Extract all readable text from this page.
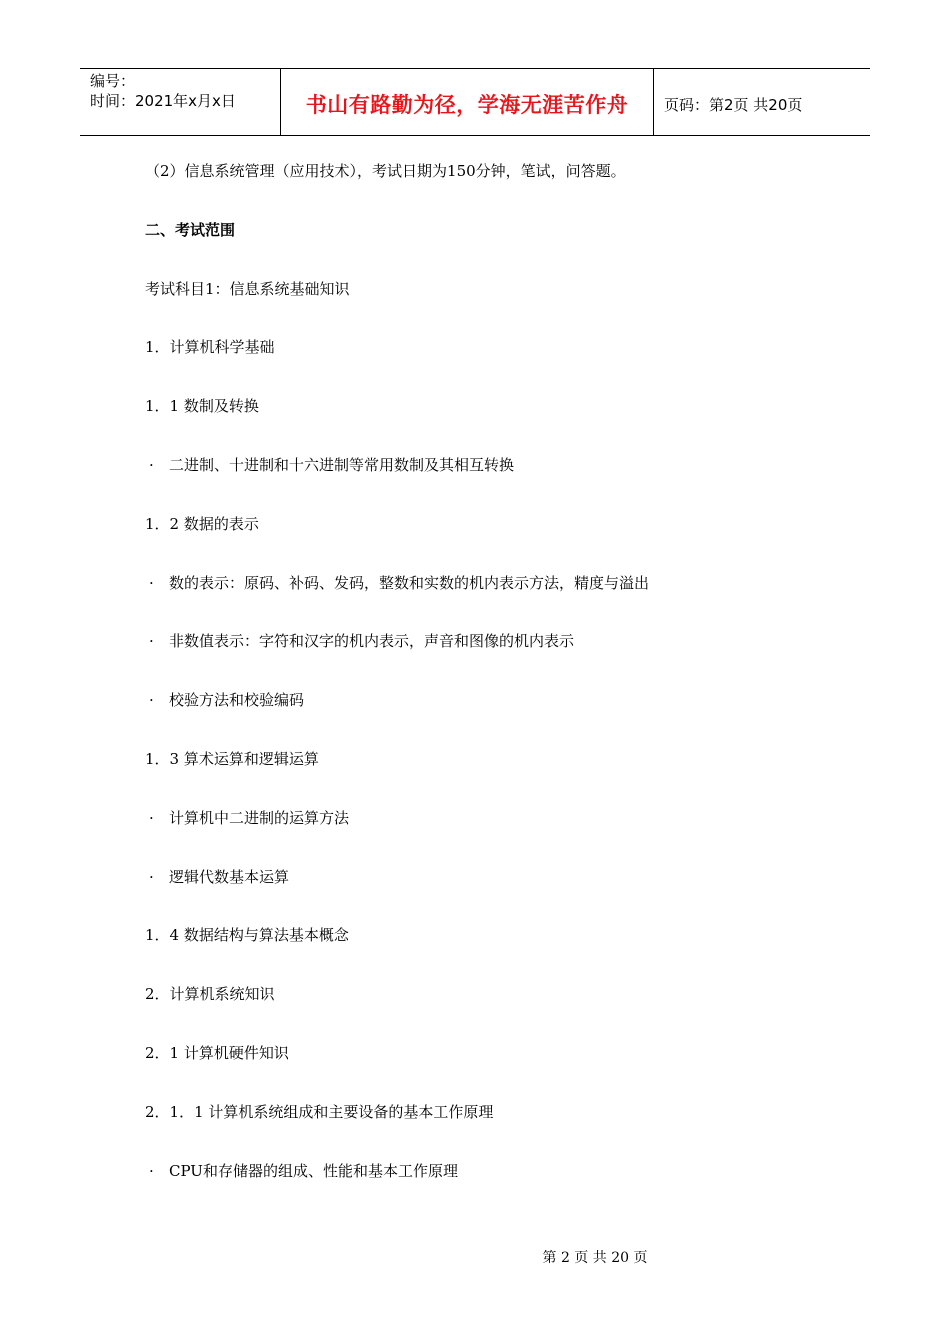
编号：
时间：2021年x月x日	书山有路勤为径，学海无涯苦作舟	页码：第2页 共20页
（2）信息系统管理（应用技术），考试日期为150分钟，笔试，问答题。
二、考试范围
考试科目1：信息系统基础知识
1．计算机科学基础
1．1 数制及转换
· 二进制、十进制和十六进制等常用数制及其相互转换
1．2 数据的表示
· 数的表示：原码、补码、发码，整数和实数的机内表示方法，精度与溢出
· 非数值表示：字符和汉字的机内表示，声音和图像的机内表示
· 校验方法和校验编码
1．3 算术运算和逻辑运算
· 计算机中二进制的运算方法
· 逻辑代数基本运算
1．4 数据结构与算法基本概念
2．计算机系统知识
2．1 计算机硬件知识
2．1．1 计算机系统组成和主要设备的基本工作原理
· CPU和存储器的组成、性能和基本工作原理
第 2 页 共 20 页
